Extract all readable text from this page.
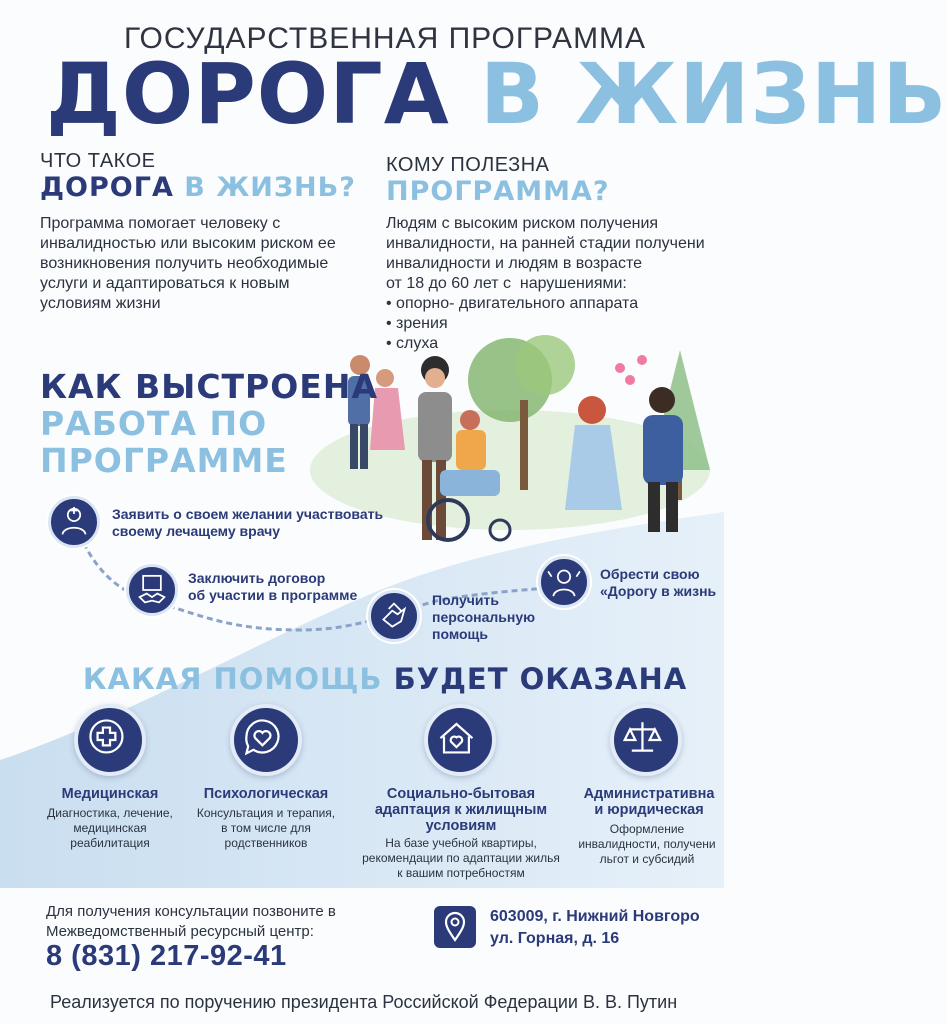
ГОСУДАРСТВЕННАЯ ПРОГРАММА
ДОРОГА В ЖИЗНЬ
ЧТО ТАКОЕ
ДОРОГА В ЖИЗНЬ?
Программа помогает человеку с
инвалидностью или высоким риском ее
возникновения получить необходимые
услуги и адаптироваться к новым
условиям жизни
КОМУ ПОЛЕЗНА
ПРОГРАММА?
Людям с высоким риском получения
инвалидности, на ранней стадии получени
инвалидности и людям в возрасте
от 18 до 60 лет с  нарушениями:
• опорно- двигательного аппарата
• зрения
• слуха
КАК ВЫСТРОЕНА
РАБОТА ПО
ПРОГРАММЕ
Заявить о своем желании участвовать
своему лечащему врачу
Заключить договор
об участии в программе	Получить
персональную
помощь
Обрести свою
«Дорогу в жизнь
КАКАЯ ПОМОЩЬ БУДЕТ ОКАЗАНА
Медицинская
Диагностика, лечение,
медицинская
реабилитация
Психологическая
Консультация и терапия,
в том числе для
родственников
Социально-бытовая
адаптация к жилищным
условиям
На базе учебной квартиры,
рекомендации по адаптации жилья
к вашим потребностям
Административна
и юридическая
Оформление
инвалидности, получени
льгот и субсидий
Для получения консультации позвоните в
Межведомственный ресурсный центр:
8 (831) 217-92-41
603009, г. Нижний Новгоро
ул. Горная, д. 16
Реализуется по поручению президента Российской Федерации В. В. Путин
